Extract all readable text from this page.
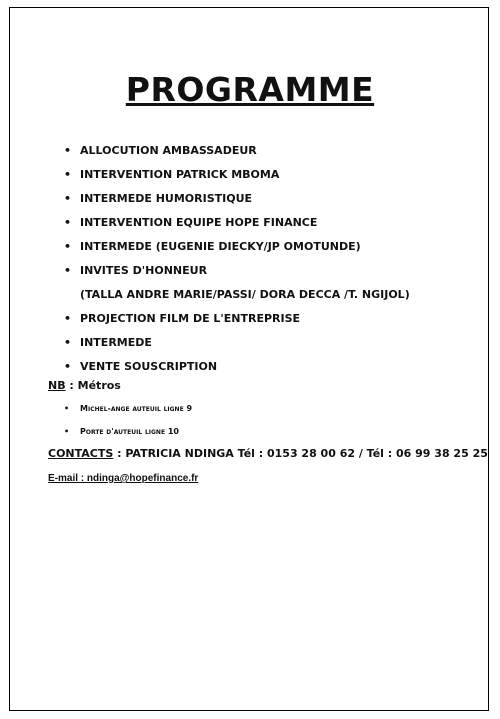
PROGRAMME
• ALLOCUTION AMBASSADEUR
• INTERVENTION PATRICK MBOMA
• INTERMEDE HUMORISTIQUE
• INTERVENTION EQUIPE HOPE FINANCE
• INTERMEDE (EUGENIE DIECKY/JP OMOTUNDE)
• INVITES D'HONNEUR
(TALLA ANDRE MARIE/PASSI/ DORA DECCA /T. NGIJOL)
• PROJECTION FILM DE L'ENTREPRISE
• INTERMEDE
• VENTE SOUSCRIPTION
NB : Métros
• Michel-ange auteuil ligne 9
• Porte d'auteuil ligne 10
CONTACTS : PATRICIA NDINGA Tél : 0153 28 00 62 / Tél : 06 99 38 25 25
E-mail : ndinga@hopefinance.fr
